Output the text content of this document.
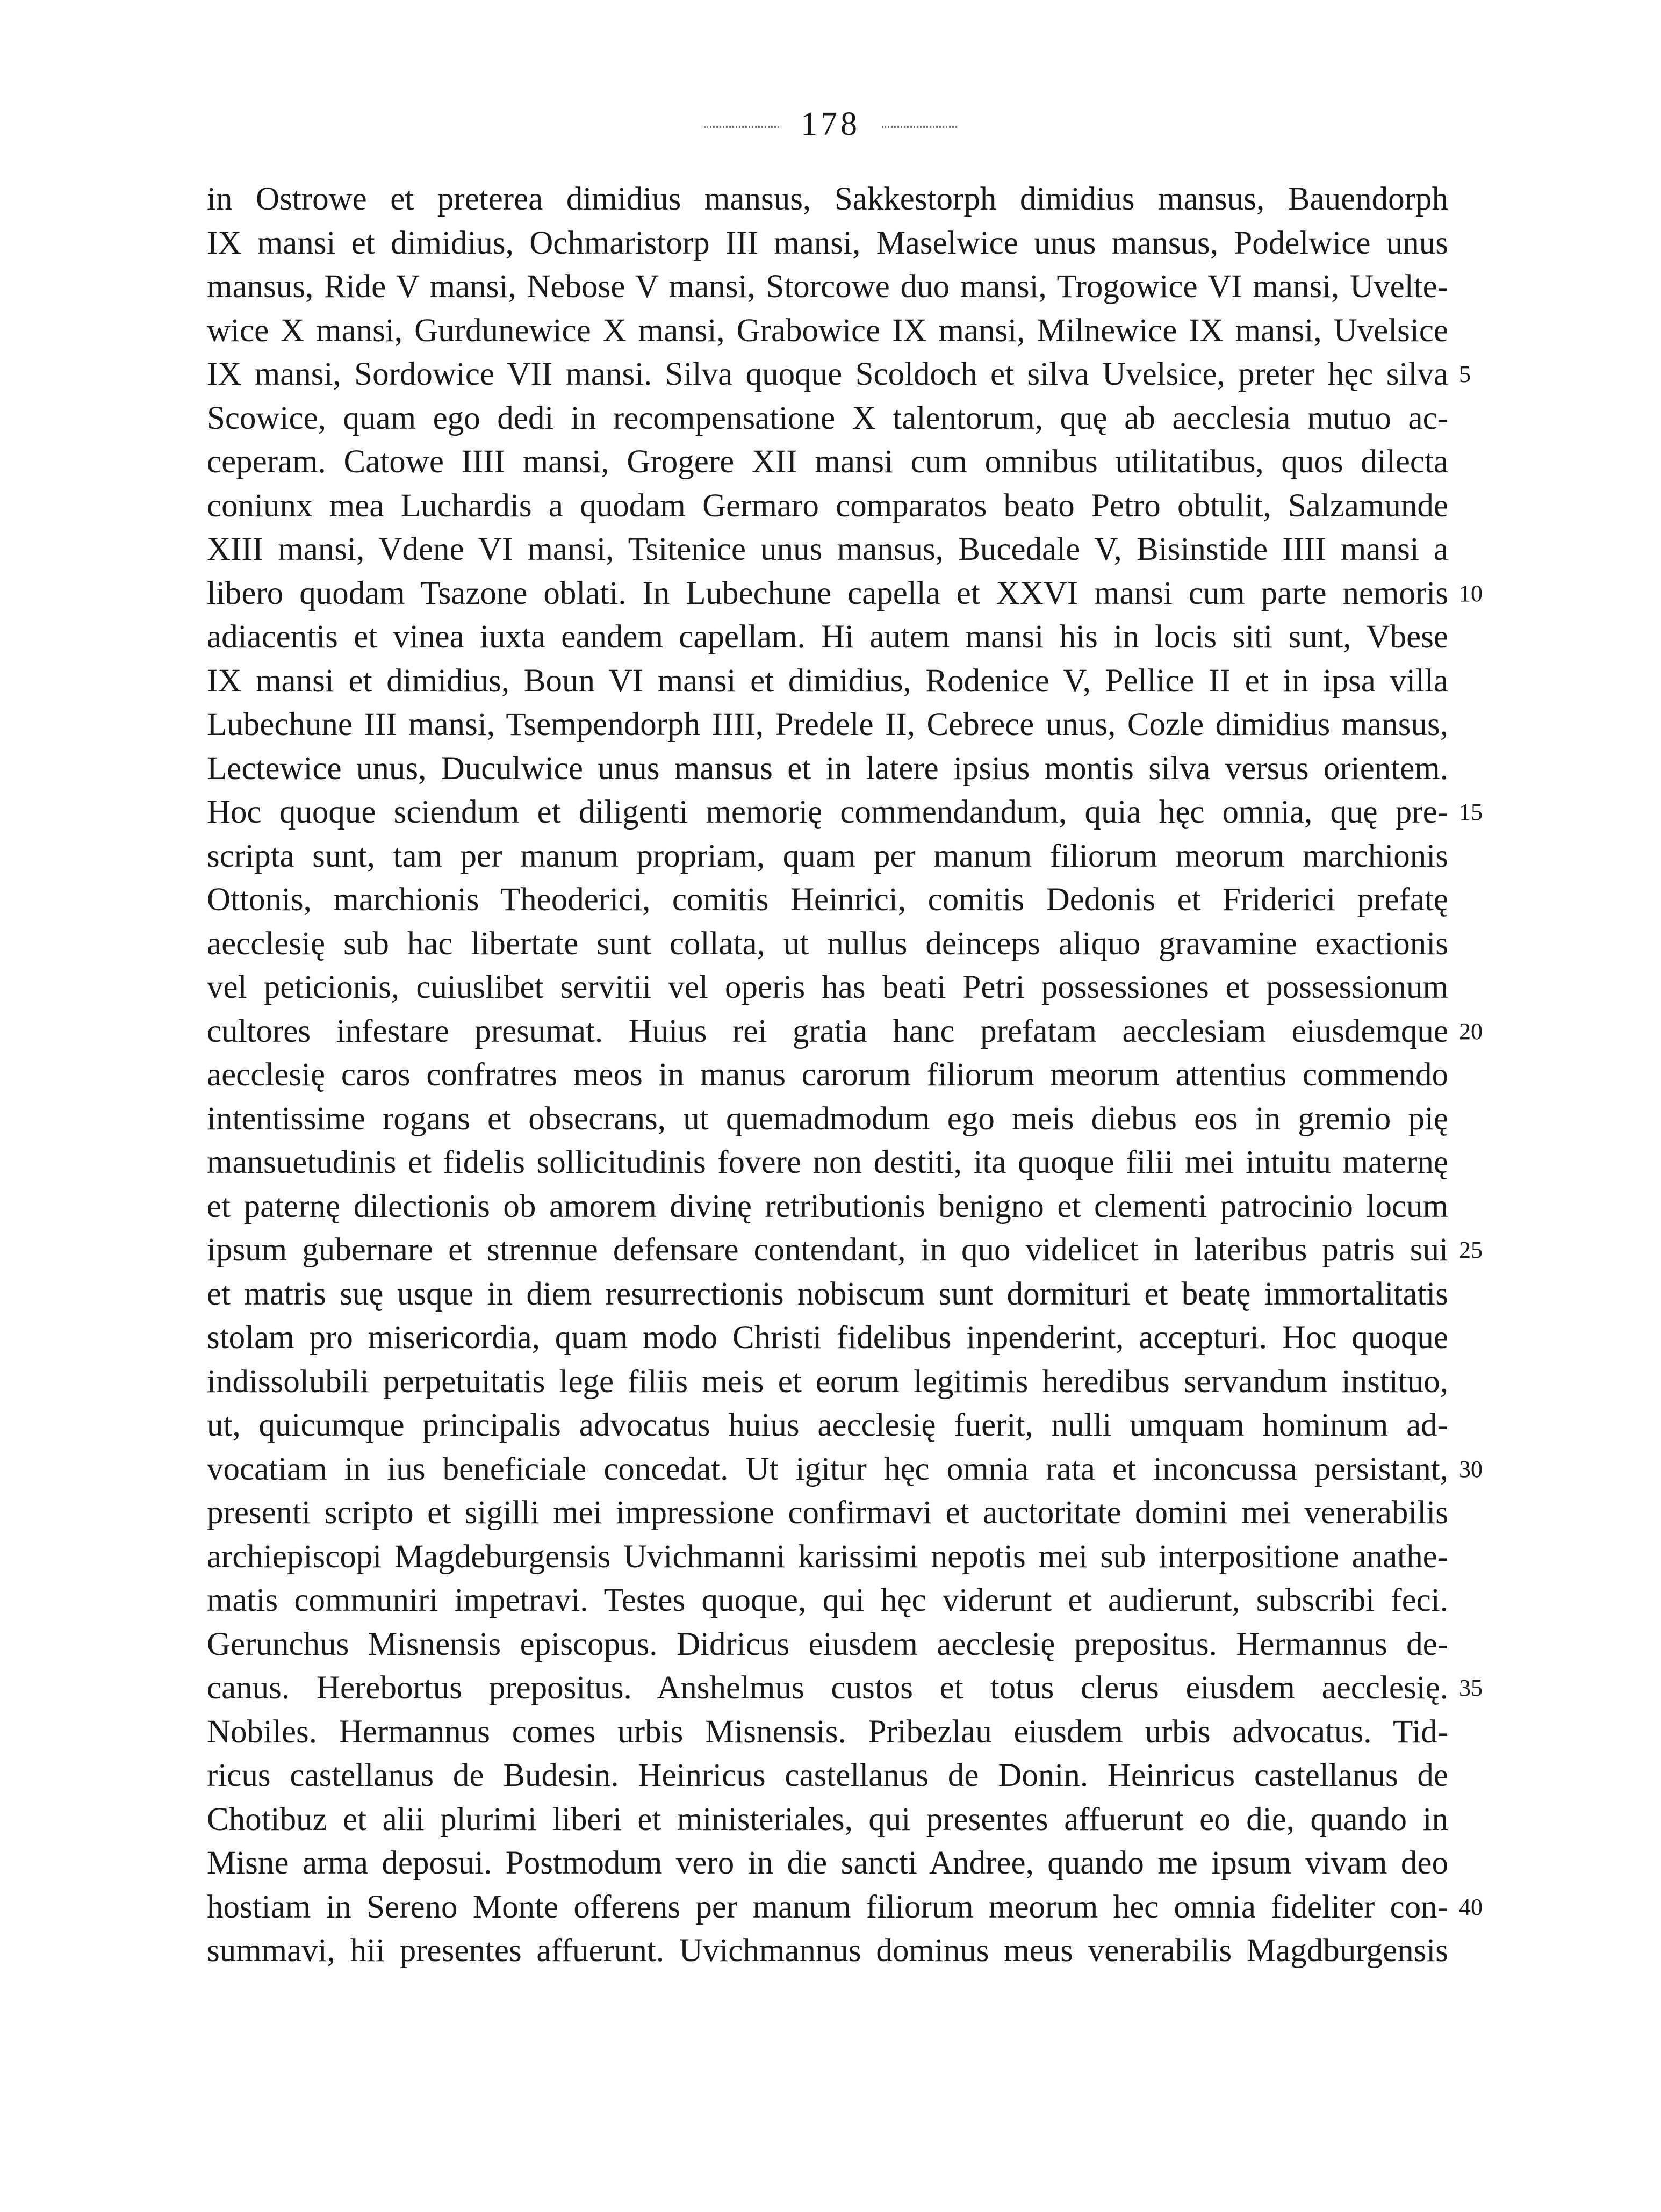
178
in Ostrowe et preterea dimidius mansus, Sakkestorph dimidius mansus, Bauendorph
IX mansi et dimidius, Ochmaristorp III mansi, Maselwice unus mansus, Podelwice unus
mansus, Ride V mansi, Nebose V mansi, Storcowe duo mansi, Trogowice VI mansi, Uvelte-
wice X mansi, Gurdunewice X mansi, Grabowice IX mansi, Milnewice IX mansi, Uvelsice
IX mansi, Sordowice VII mansi. Silva quoque Scoldoch et silva Uvelsice, preter hęc silva 5
Scowice, quam ego dedi in recompensatione X talentorum, quę ab aecclesia mutuo ac-
ceperam. Catowe IIII mansi, Grogere XII mansi cum omnibus utilitatibus, quos dilecta
coniunx mea Luchardis a quodam Germaro comparatos beato Petro obtulit, Salzamunde
XIII mansi, Vdene VI mansi, Tsitenice unus mansus, Bucedale V, Bisinstide IIII mansi a
libero quodam Tsazone oblati. In Lubechune capella et XXVI mansi cum parte nemoris 10
adiacentis et vinea iuxta eandem capellam. Hi autem mansi his in locis siti sunt, Vbese
IX mansi et dimidius, Boun VI mansi et dimidius, Rodenice V, Pellice II et in ipsa villa
Lubechune III mansi, Tsempendorph IIII, Predele II, Cebrece unus, Cozle dimidius mansus,
Lectewice unus, Duculwice unus mansus et in latere ipsius montis silva versus orientem.
Hoc quoque sciendum et diligenti memorię commendandum, quia hęc omnia, quę pre- 15
scripta sunt, tam per manum propriam, quam per manum filiorum meorum marchionis
Ottonis, marchionis Theoderici, comitis Heinrici, comitis Dedonis et Friderici prefatę
aecclesię sub hac libertate sunt collata, ut nullus deinceps aliquo gravamine exactionis
vel peticionis, cuiuslibet servitii vel operis has beati Petri possessiones et possessionum
cultores infestare presumat. Huius rei gratia hanc prefatam aecclesiam eiusdemque 20
aecclesię caros confratres meos in manus carorum filiorum meorum attentius commendo
intentissime rogans et obsecrans, ut quemadmodum ego meis diebus eos in gremio pię
mansuetudinis et fidelis sollicitudinis fovere non destiti, ita quoque filii mei intuitu maternę
et paternę dilectionis ob amorem divinę retributionis benigno et clementi patrocinio locum
ipsum gubernare et strennue defensare contendant, in quo videlicet in lateribus patris sui 25
et matris suę usque in diem resurrectionis nobiscum sunt dormituri et beatę immortalitatis
stolam pro misericordia, quam modo Christi fidelibus inpenderint, accepturi. Hoc quoque
indissolubili perpetuitatis lege filiis meis et eorum legitimis heredibus servandum instituo,
ut, quicumque principalis advocatus huius aecclesię fuerit, nulli umquam hominum ad-
vocatiam in ius beneficiale concedat. Ut igitur hęc omnia rata et inconcussa persistant, 30
presenti scripto et sigilli mei impressione confirmavi et auctoritate domini mei venerabilis
archiepiscopi Magdeburgensis Uvichmanni karissimi nepotis mei sub interpositione anathe-
matis communiri impetravi. Testes quoque, qui hęc viderunt et audierunt, subscribi feci.
Gerunchus Misnensis episcopus. Didricus eiusdem aecclesię prepositus. Hermannus de-
canus. Herebortus prepositus. Anshelmus custos et totus clerus eiusdem aecclesię. 35
Nobiles. Hermannus comes urbis Misnensis. Pribezlau eiusdem urbis advocatus. Tid-
ricus castellanus de Budesin. Heinricus castellanus de Donin. Heinricus castellanus de
Chotibuz et alii plurimi liberi et ministeriales, qui presentes affuerunt eo die, quando in
Misne arma deposui. Postmodum vero in die sancti Andree, quando me ipsum vivam deo
hostiam in Sereno Monte offerens per manum filiorum meorum hec omnia fideliter con- 40
summavi, hii presentes affuerunt. Uvichmannus dominus meus venerabilis Magdburgensis
